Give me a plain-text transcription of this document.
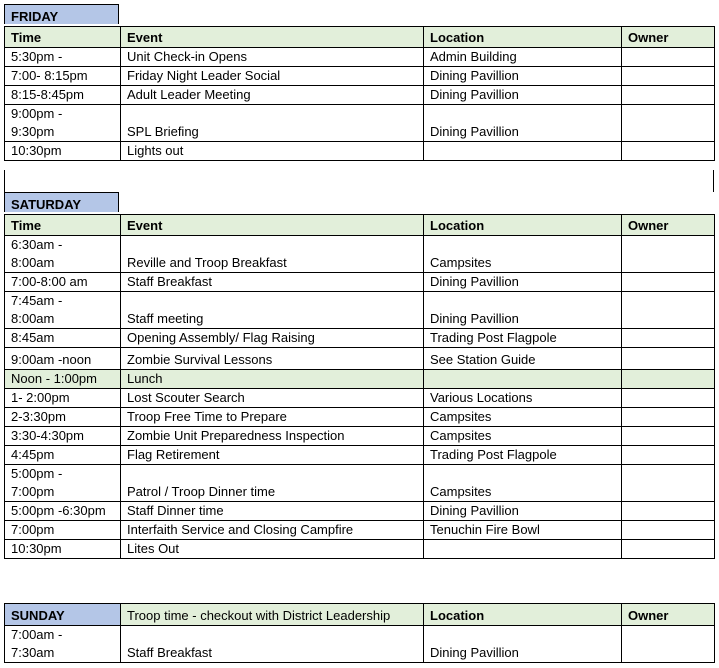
FRIDAY
Time	Event	Location	Owner
5:30pm -	Unit Check-in Opens	Admin Building	
7:00- 8:15pm	Friday Night Leader Social	Dining Pavillion	
8:15-8:45pm	Adult Leader Meeting	Dining Pavillion	

9:00pm -
9:30pm	SPL Briefing	Dining Pavillion	
10:30pm	Lights out		
SATURDAY
Time	Event	Location	Owner

6:30am -
8:00am	Reville and Troop Breakfast	Campsites	
7:00-8:00 am	Staff Breakfast	Dining Pavillion	

7:45am -
8:00am	Staff meeting	Dining Pavillion	
8:45am	Opening Assembly/ Flag Raising	Trading Post Flagpole	
9:00am -noon	Zombie Survival Lessons	See Station Guide	
Noon - 1:00pm	Lunch		
1- 2:00pm	Lost Scouter Search	Various Locations	
2-3:30pm	Troop Free Time to Prepare	Campsites	
3:30-4:30pm	Zombie Unit Preparedness Inspection	Campsites	
4:45pm	Flag Retirement	Trading Post Flagpole	

5:00pm -
7:00pm	Patrol / Troop Dinner time	Campsites	
5:00pm -6:30pm	Staff Dinner time	Dining Pavillion	
7:00pm	Interfaith Service and Closing Campfire	Tenuchin Fire Bowl	
10:30pm	Lites Out		
SUNDAY	Troop time - checkout with District Leadership	Location	Owner

7:00am -
7:30am	Staff Breakfast	Dining Pavillion	
